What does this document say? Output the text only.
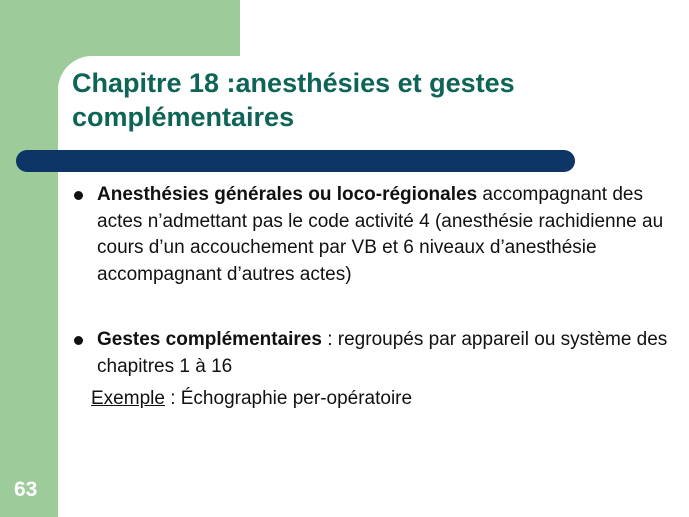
Chapitre 18 :anesthésies et gestes complémentaires
Anesthésies générales ou loco-régionales accompagnant des actes n’admettant pas le code activité 4 (anesthésie rachidienne au cours d’un accouchement par VB et 6 niveaux d’anesthésie accompagnant d’autres actes)
Gestes complémentaires : regroupés par appareil ou système des chapitres 1 à 16
Exemple : Échographie per-opératoire
63
